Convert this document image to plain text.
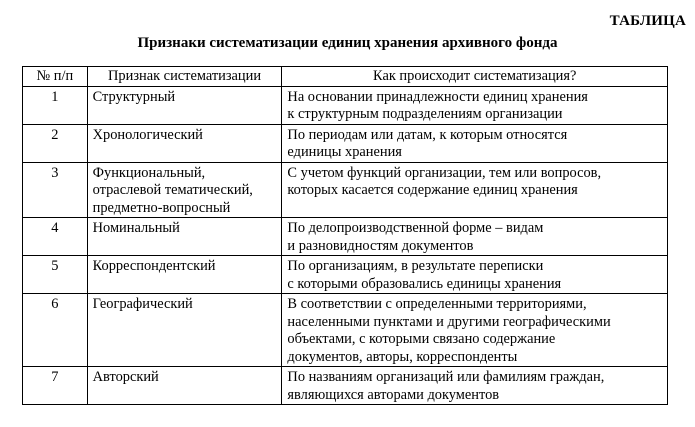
ТАБЛИЦА
Признаки систематизации единиц хранения архивного фонда
№ п/п	Признак систематизации	Как происходит систематизация?
1	Структурный	На основании принадлежности единиц хранения
к структурным подразделениям организации

2	Хронологический	По периодам или датам, к которым относятся
единицы хранения

3	Функциональный,
отраслевой тематический,
предметно-вопросный	С учетом функций организации, тем или вопросов,
которых касается содержание единиц хранения

4	Номинальный	По делопроизводственной форме – видам
и разновидностям документов

5	Корреспондентский	По организациям, в результате переписки
с которыми образовались единицы хранения

6	Географический	В соответствии с определенными территориями,
населенными пунктами и другими географическими
объектами, с которыми связано содержание
документов, авторы, корреспонденты

7	Авторский	По названиям организаций или фамилиям граждан,
являющихся авторами документов
